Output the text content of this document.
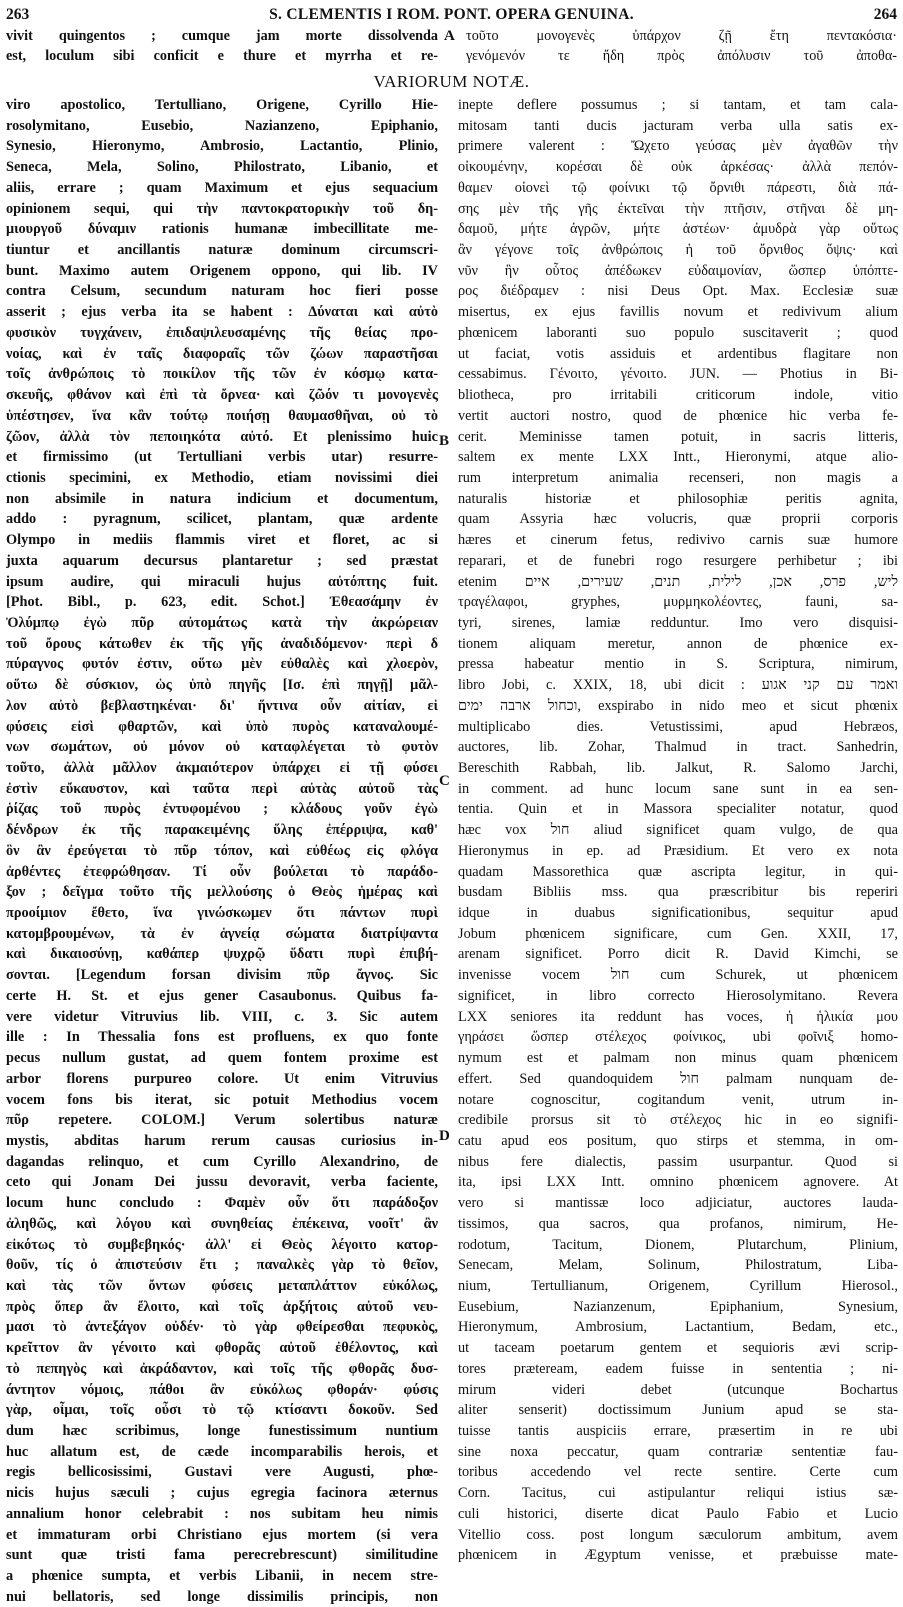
263	S. CLEMENTIS I ROM. PONT. OPERA GENUINA.	264
vivit quingentos ; cumque jam morte dissolvenda
est, loculum sibi conficit e thure et myrrha et re-
A τοῦτο μονογενὲς ὑπάρχον ζῇ ἔτη πεντακόσια·
γενόμενόν τε ἤδη πρὸς ἀπόλυσιν τοῦ ἀποθα-
VARIORUM NOTÆ.
viro apostolico, Tertulliano, Origene, Cyrillo Hie-
rosolymitano, Eusebio, Nazianzeno, Epiphanio,
Synesio, Hieronymo, Ambrosio, Lactantio, Plinio,
Seneca, Mela, Solino, Philostrato, Libanio, et
aliis, errare ; quam Maximum et ejus sequacium
opinionem sequi, qui τὴν παντοκρατορικὴν τοῦ δη-
μιουργοῦ δύναμιν rationis humanæ imbecillitate me-
tiuntur et ancillantis naturæ dominum circumscri-
bunt. Maximo autem Origenem oppono, qui lib. IV
contra Celsum, secundum naturam hoc fieri posse
asserit ; ejus verba ita se habent : Δύναται καὶ αὐτὸ
φυσικὸν τυγχάνειν, ἐπιδαψιλευσαμένης τῆς θείας προ-
νοίας, καὶ ἐν ταῖς διαφοραῖς τῶν ζώων παραστῆσαι
τοῖς ἀνθρώποις τὸ ποικίλον τῆς τῶν ἐν κόσμῳ κατα-
σκευῆς, φθάνον καὶ ἐπὶ τὰ ὄρνεα· καὶ ζῶόν τι μονογενὲς
ὑπέστησεν, ἵνα κἂν τούτῳ ποιήσῃ θαυμασθῆναι, οὐ τὸ
ζῶον, ἀλλὰ τὸν πεποιηκότα αὐτό. Et plenissimo huic
et firmissimo (ut Tertulliani verbis utar) resurre-
ctionis specimini, ex Methodio, etiam novissimi diei
non absimile in natura indicium et documentum,
addo : pyragnum, scilicet, plantam, quæ ardente
Olympo in mediis flammis viret et floret, ac si
juxta aquarum decursus plantaretur ; sed præstat
ipsum audire, qui miraculi hujus αὐτόπτης fuit.
[Phot. Bibl., p. 623, edit. Schot.] Ἐθεασάμην ἐν
Ὀλύμπῳ ἐγὼ πῦρ αὐτομάτως κατὰ τὴν ἀκρώρειαν
τοῦ ὄρους κάτωθεν ἐκ τῆς γῆς ἀναδιδόμενον· περὶ δ
πύραγνος φυτόν ἐστιν, οὕτω μὲν εὐθαλὲς καὶ χλοερὸν,
οὕτω δὲ σύσκιον, ὡς ὑπὸ πηγῆς [Ισ. ἐπὶ πηγῇ] μᾶλ-
λον αὐτὸ βεβλαστηκέναι· δι' ἥντινα οὖν αἰτίαν, εἰ
φύσεις εἰσὶ φθαρτῶν, καὶ ὑπὸ πυρὸς καταναλουμέ-
νων σωμάτων, οὐ μόνον οὐ καταφλέγεται τὸ φυτὸν
τοῦτο, ἀλλὰ μᾶλλον ἀκμαιότερον ὑπάρχει εἰ τῇ φύσει
ἐστὶν εὔκαυστον, καὶ ταῦτα περὶ αὐτὰς αὐτοῦ τὰς
ῥίζας τοῦ πυρὸς ἐντυφομένου ; κλάδους γοῦν ἐγὼ
δένδρων ἐκ τῆς παρακειμένης ὕλης ἐπέρριψα, καθ'
ὃν ἂν ἐρεύγεται τὸ πῦρ τόπον, καὶ εὐθέως εἰς φλόγα
ἀρθέντες ἐτεφρώθησαν. Τί οὖν βούλεται τὸ παράδο-
ξον ; δεῖγμα τοῦτο τῆς μελλούσης ὁ Θεὸς ἡμέρας καὶ
προοίμιον ἔθετο, ἵνα γινώσκωμεν ὅτι πάντων πυρὶ
κατομβρουμένων, τὰ ἐν ἁγνείᾳ σώματα διατρίψαντα
καὶ δικαιοσύνῃ, καθάπερ ψυχρῷ ὕδατι πυρὶ ἐπιβή-
σονται. [Legendum forsan divisim πῦρ ἄγνος. Sic
certe H. St. et ejus gener Casaubonus. Quibus fa-
vere videtur Vitruvius lib. VIII, c. 3. Sic autem
ille : In Thessalia fons est profluens, ex quo fonte
pecus nullum gustat, ad quem fontem proxime est
arbor florens purpureo colore. Ut enim Vitruvius
vocem fons bis iterat, sic potuit Methodius vocem
πῦρ repetere. COLOM.] Verum solertibus naturæ
mystis, abditas harum rerum causas curiosius in-
dagandas relinquo, et cum Cyrillo Alexandrino, de
ceto qui Jonam Dei jussu devoravit, verba faciente,
locum hunc concludo : Φαμὲν οὖν ὅτι παράδοξον
ἀληθῶς, καὶ λόγου καὶ συνηθείας ἐπέκεινα, νοοῖτ' ἂν
εἰκότως τὸ συμβεβηκός· ἀλλ' εἰ Θεὸς λέγοιτο κατορ-
θοῦν, τίς ὁ ἀπιστεύσιν ἔτι ; παναλκὲς γὰρ τὸ θεῖον,
καὶ τὰς τῶν ὄντων φύσεις μεταπλάττον εὐκόλως,
πρὸς ὅπερ ἂν ἔλοιτο, καὶ τοῖς ἀρξήτοις αὐτοῦ νευ-
μασι τὸ ἀντεξάγον οὐδέν· τὸ γὰρ φθείρεσθαι πεφυκὸς,
κρεῖττον ἂν γένοιτο καὶ φθορᾶς αὐτοῦ ἐθέλοντος, καὶ
τὸ πεπηγὸς καὶ ἀκράδαντον, καὶ τοῖς τῆς φθορᾶς δυσ-
άντητον νόμοις, πάθοι ἂν εὐκόλως φθοράν· φύσις
γὰρ, οἶμαι, τοῖς οὖσι τὸ τῷ κτίσαντι δοκοῦν. Sed
dum hæc scribimus, longe funestissimum nuntium
huc allatum est, de cæde incomparabilis herois, et
regis bellicosissimi, Gustavi vere Augusti, phœ-
nicis hujus sæculi ; cujus egregia facinora æternus
annalium honor celebrabit : nos subitam heu nimis
et immaturam orbi Christiano ejus mortem (si vera
sunt quæ tristi fama perecrebrescunt) similitudine
a phœnice sumpta, et verbis Libanii, in necem stre-
nui bellatoris, sed longe dissimilis principis, non
B
C
D
inepte deflere possumus ; si tantam, et tam cala-
mitosam tanti ducis jacturam verba ulla satis ex-
primere valerent : Ὤχετο γεύσας μὲν ἀγαθῶν τὴν
οἰκουμένην, κορέσαι δὲ οὐκ ἀρκέσας· ἀλλὰ πεπόν-
θαμεν οἱονεὶ τῷ φοίνικι τῷ ὄρνιθι πάρεστι, διὰ πά-
σης μὲν τῆς γῆς ἐκτεῖναι τὴν πτῆσιν, στῆναι δὲ μη-
δαμοῦ, μήτε ἀγρῶν, μήτε ἀστέων· ἀμυδρὰ γὰρ οὕτως
ἂν γέγονε τοῖς ἀνθρώποις ἡ τοῦ ὄρνιθος ὄψις· καὶ
νῦν ἣν οὗτος ἀπέδωκεν εὐδαιμονίαν, ὥσπερ ὑπόπτε-
ρος διέδραμεν : nisi Deus Opt. Max. Ecclesiæ suæ
misertus, ex ejus favillis novum et redivivum alium
phœnicem laboranti suo populo suscitaverit ; quod
ut faciat, votis assiduis et ardentibus flagitare non
cessabimus. Γένοιτο, γένοιτο. JUN. — Photius in Bi-
bliotheca, pro irritabili criticorum indole, vitio
vertit auctori nostro, quod de phœnice hic verba fe-
cerit. Meminisse tamen potuit, in sacris litteris,
saltem ex mente LXX Intt., Hieronymi, atque alio-
rum interpretum animalia recenseri, non magis a
naturalis historiæ et philosophiæ peritis agnita,
quam Assyria hæc volucris, quæ proprii corporis
hæres et cinerum fetus, redivivo carnis suæ humore
reparari, et de funebri rogo resurgere perhibetur ; ibi
etenim ליש, פרס, אכן, לילית, תנים, שעירים, איים
τραγέλαφοι, gryphes, μυρμηκολέοντες, fauni, sa-
tyri, sirenes, lamiæ redduntur. Imo vero disquisi-
tionem aliquam meretur, annon de phœnice ex-
pressa habeatur mentio in S. Scriptura, nimirum,
libro Jobi, c. XXIX, 18, ubi dicit : ואמר עם קני אגוע
וכחול ארבה ימים, exspirabo in nido meo et sicut phœnix
multiplicabo dies. Vetustissimi, apud Hebræos,
auctores, lib. Zohar, Thalmud in tract. Sanhedrin,
Bereschith Rabbah, lib. Jalkut, R. Salomo Jarchi,
in comment. ad hunc locum sane sunt in ea sen-
tentia. Quin et in Massora specialiter notatur, quod
hæc vox חול aliud significet quam vulgo, de qua
Hieronymus in ep. ad Præsidium. Et vero ex nota
quadam Massorethica quæ ascripta legitur, in qui-
busdam Bibliis mss. qua præscribitur bis reperiri
idque in duabus significationibus, sequitur apud
Jobum phœnicem significare, cum Gen. XXII, 17,
arenam significet. Porro dicit R. David Kimchi, se
invenisse vocem חול cum Schurek, ut phœnicem
significet, in libro correcto Hierosolymitano. Revera
LXX seniores ita reddunt has voces, ἡ ἡλικία μου
γηράσει ὥσπερ στέλεχος φοίνικος, ubi φοῖνιξ homo-
nymum est et palmam non minus quam phœnicem
effert. Sed quandoquidem חול palmam nunquam de-
notare cognoscitur, cogitandum venit, utrum in-
credibile prorsus sit τὸ στέλεχος hic in eo signifi-
catu apud eos positum, quo stirps et stemma, in om-
nibus fere dialectis, passim usurpantur. Quod si
ita, ipsi LXX Intt. omnino phœnicem agnovere. At
vero si mantissæ loco adjiciatur, auctores lauda-
tissimos, qua sacros, qua profanos, nimirum, He-
rodotum, Tacitum, Dionem, Plutarchum, Plinium,
Senecam, Melam, Solinum, Philostratum, Liba-
nium, Tertullianum, Origenem, Cyrillum Hierosol.,
Eusebium, Nazianzenum, Epiphanium, Synesium,
Hieronymum, Ambrosium, Lactantium, Bedam, etc.,
ut taceam poetarum gentem et sequioris ævi scrip-
tores præteream, eadem fuisse in sententia ; ni-
mirum videri debet (utcunque Bochartus
aliter senserit) doctissimum Junium apud se sta-
tuisse tantis auspiciis errare, præsertim in re ubi
sine noxa peccatur, quam contrariæ sententiæ fau-
toribus accedendo vel recte sentire. Certe cum
Corn. Tacitus, cui astipulantur reliqui istius sæ-
culi historici, diserte dicat Paulo Fabio et Lucio
Vitellio coss. post longum sæculorum ambitum, avem
phœnicem in Ægyptum venisse, et præbuisse mate-
